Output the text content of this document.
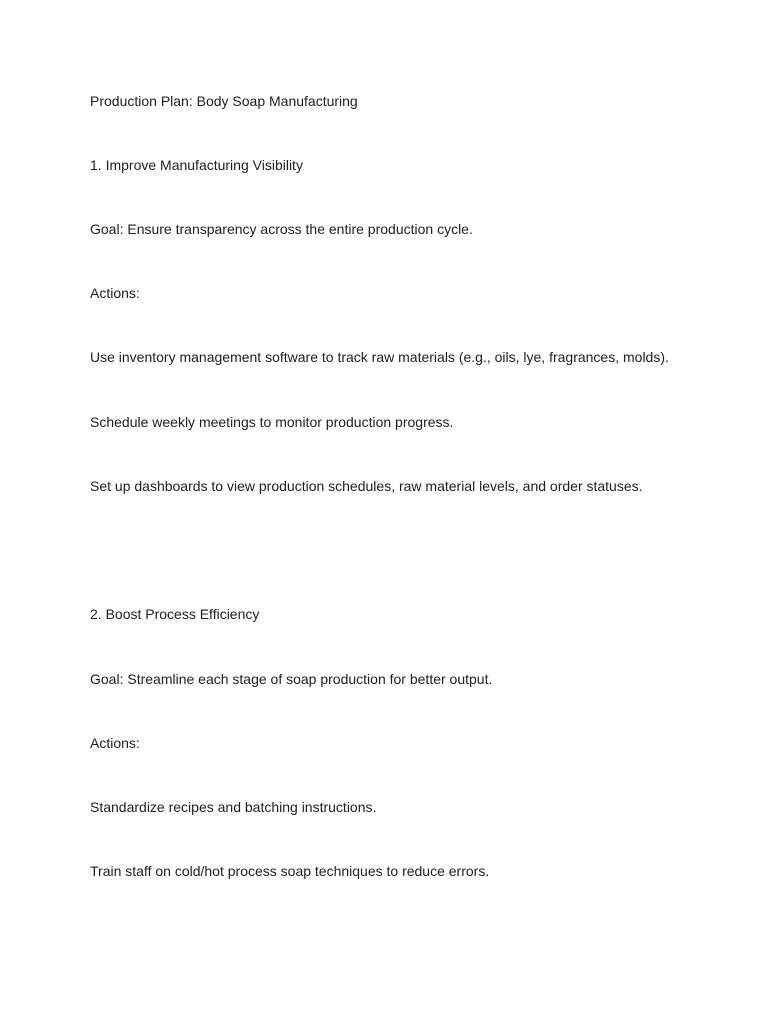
Production Plan: Body Soap Manufacturing
1. Improve Manufacturing Visibility

Goal: Ensure transparency across the entire production cycle.

Actions:

Use inventory management software to track raw materials (e.g., oils, lye, fragrances, molds).

Schedule weekly meetings to monitor production progress.

Set up dashboards to view production schedules, raw material levels, and order statuses.

2. Boost Process Efficiency

Goal: Streamline each stage of soap production for better output.

Actions:

Standardize recipes and batching instructions.

Train staff on cold/hot process soap techniques to reduce errors.
